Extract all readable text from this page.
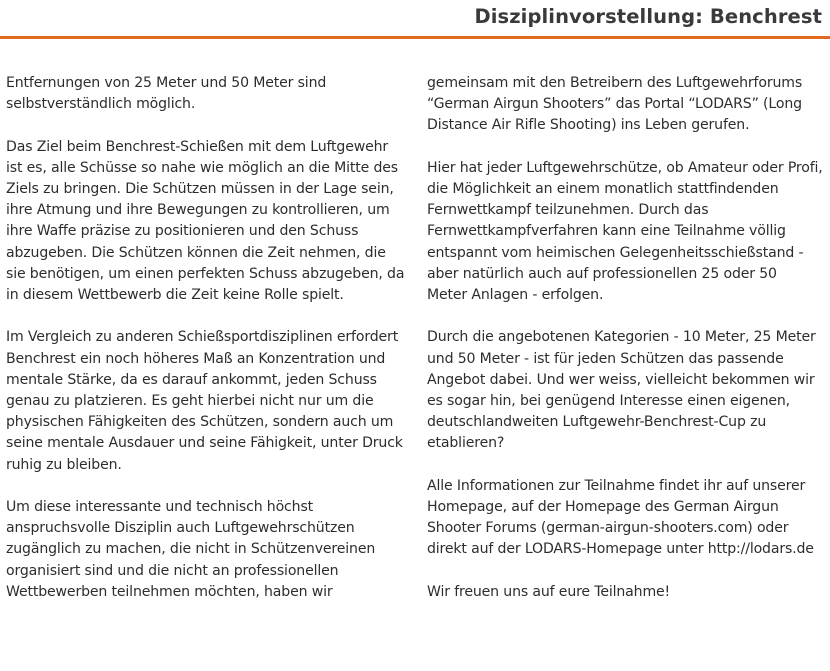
Disziplinvorstellung: Benchrest

Entfernungen von 25 Meter und 50 Meter sind
selbstverständlich möglich.

Das Ziel beim Benchrest-Schießen mit dem Luftgewehr
ist es, alle Schüsse so nahe wie möglich an die Mitte des
Ziels zu bringen. Die Schützen müssen in der Lage sein,
ihre Atmung und ihre Bewegungen zu kontrollieren, um
ihre Waffe präzise zu positionieren und den Schuss
abzugeben. Die Schützen können die Zeit nehmen, die
sie benötigen, um einen perfekten Schuss abzugeben, da
in diesem Wettbewerb die Zeit keine Rolle spielt.

Im Vergleich zu anderen Schießsportdisziplinen erfordert
Benchrest ein noch höheres Maß an Konzentration und
mentale Stärke, da es darauf ankommt, jeden Schuss
genau zu platzieren. Es geht hierbei nicht nur um die
physischen Fähigkeiten des Schützen, sondern auch um
seine mentale Ausdauer und seine Fähigkeit, unter Druck
ruhig zu bleiben.

Um diese interessante und technisch höchst
anspruchsvolle Disziplin auch Luftgewehrschützen
zugänglich zu machen, die nicht in Schützenvereinen
organisiert sind und die nicht an professionellen
Wettbewerben teilnehmen möchten, haben wir

gemeinsam mit den Betreibern des Luftgewehrforums
“German Airgun Shooters” das Portal “LODARS” (Long
Distance Air Rifle Shooting) ins Leben gerufen.

Hier hat jeder Luftgewehrschütze, ob Amateur oder Profi,
die Möglichkeit an einem monatlich stattfindenden
Fernwettkampf teilzunehmen. Durch das
Fernwettkampfverfahren kann eine Teilnahme völlig
entspannt vom heimischen Gelegenheitsschießstand -
aber natürlich auch auf professionellen 25 oder 50
Meter Anlagen - erfolgen.

Durch die angebotenen Kategorien - 10 Meter, 25 Meter
und 50 Meter - ist für jeden Schützen das passende
Angebot dabei. Und wer weiss, vielleicht bekommen wir
es sogar hin, bei genügend Interesse einen eigenen,
deutschlandweiten Luftgewehr-Benchrest-Cup zu
etablieren?

Alle Informationen zur Teilnahme findet ihr auf unserer
Homepage, auf der Homepage des German Airgun
Shooter Forums (german-airgun-shooters.com) oder
direkt auf der LODARS-Homepage unter http://lodars.de

Wir freuen uns auf eure Teilnahme!
